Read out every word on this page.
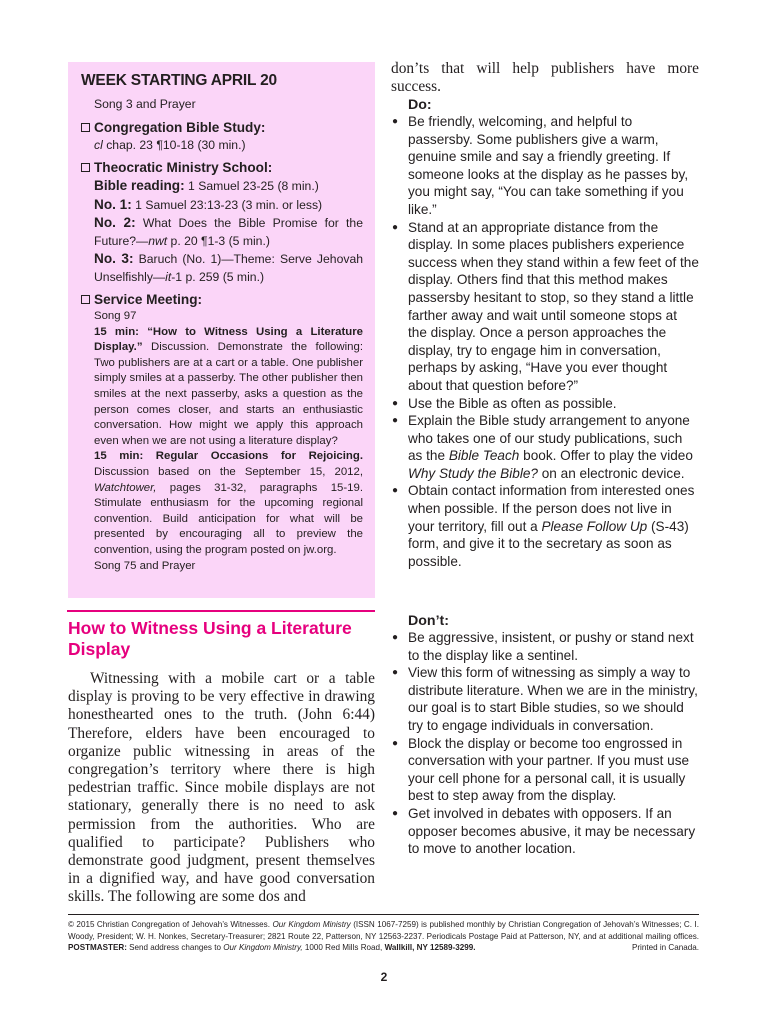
WEEK STARTING APRIL 20
Song 3 and Prayer
Congregation Bible Study:
cl chap. 23 ¶10-18 (30 min.)
Theocratic Ministry School:
Bible reading: 1 Samuel 23-25 (8 min.)
No. 1: 1 Samuel 23:13-23 (3 min. or less)
No. 2: What Does the Bible Promise for the Future?—nwt p. 20 ¶1-3 (5 min.)
No. 3: Baruch (No. 1)—Theme: Serve Jehovah Unselfishly—it-1 p. 259 (5 min.)
Service Meeting:
Song 97
15 min: “How to Witness Using a Literature Display.” Discussion. Demonstrate the following: Two publishers are at a cart or a table. One publisher simply smiles at a passerby. The other publisher then smiles at the next passerby, asks a question as the person comes closer, and starts an enthusiastic conversation. How might we apply this approach even when we are not using a literature display?
15 min: Regular Occasions for Rejoicing. Discussion based on the September 15, 2012, Watchtower, pages 31-32, paragraphs 15-19. Stimulate enthusiasm for the upcoming regional convention. Build anticipation for what will be presented by encouraging all to preview the convention, using the program posted on jw.org.
Song 75 and Prayer
How to Witness Using a Literature Display
Witnessing with a mobile cart or a table display is proving to be very effective in drawing honesthearted ones to the truth. (John 6:44) Therefore, elders have been encouraged to organize public witnessing in areas of the congregation’s territory where there is high pedestrian traffic. Since mobile displays are not stationary, generally there is no need to ask permission from the authorities. Who are qualified to participate? Publishers who demonstrate good judgment, present themselves in a dignified way, and have good conversation skills. The following are some dos and
don’ts that will help publishers have more success.
Do:
● Be friendly, welcoming, and helpful to passersby. Some publishers give a warm, genuine smile and say a friendly greeting. If someone looks at the display as he passes by, you might say, “You can take something if you like.”
● Stand at an appropriate distance from the display. In some places publishers experience success when they stand within a few feet of the display. Others find that this method makes passersby hesitant to stop, so they stand a little farther away and wait until someone stops at the display. Once a person approaches the display, try to engage him in conversation, perhaps by asking, “Have you ever thought about that question before?”
● Use the Bible as often as possible.
● Explain the Bible study arrangement to anyone who takes one of our study publications, such as the Bible Teach book. Offer to play the video Why Study the Bible? on an electronic device.
● Obtain contact information from interested ones when possible. If the person does not live in your territory, fill out a Please Follow Up (S-43) form, and give it to the secretary as soon as possible.
Don’t:
● Be aggressive, insistent, or pushy or stand next to the display like a sentinel.
● View this form of witnessing as simply a way to distribute literature. When we are in the ministry, our goal is to start Bible studies, so we should try to engage individuals in conversation.
● Block the display or become too engrossed in conversation with your partner. If you must use your cell phone for a personal call, it is usually best to step away from the display.
● Get involved in debates with opposers. If an opposer becomes abusive, it may be necessary to move to another location.
© 2015 Christian Congregation of Jehovah’s Witnesses. Our Kingdom Ministry (ISSN 1067-7259) is published monthly by Christian Congregation of Jehovah’s Witnesses; C. I. Woody, President; W. H. Nonkes, Secretary-Treasurer; 2821 Route 22, Patterson, NY 12563-2237. Periodicals Postage Paid at Patterson, NY, and at additional mailing offices. POSTMASTER: Send address changes to Our Kingdom Ministry, 1000 Red Mills Road, Wallkill, NY 12589-3299.	Printed in Canada.
2
